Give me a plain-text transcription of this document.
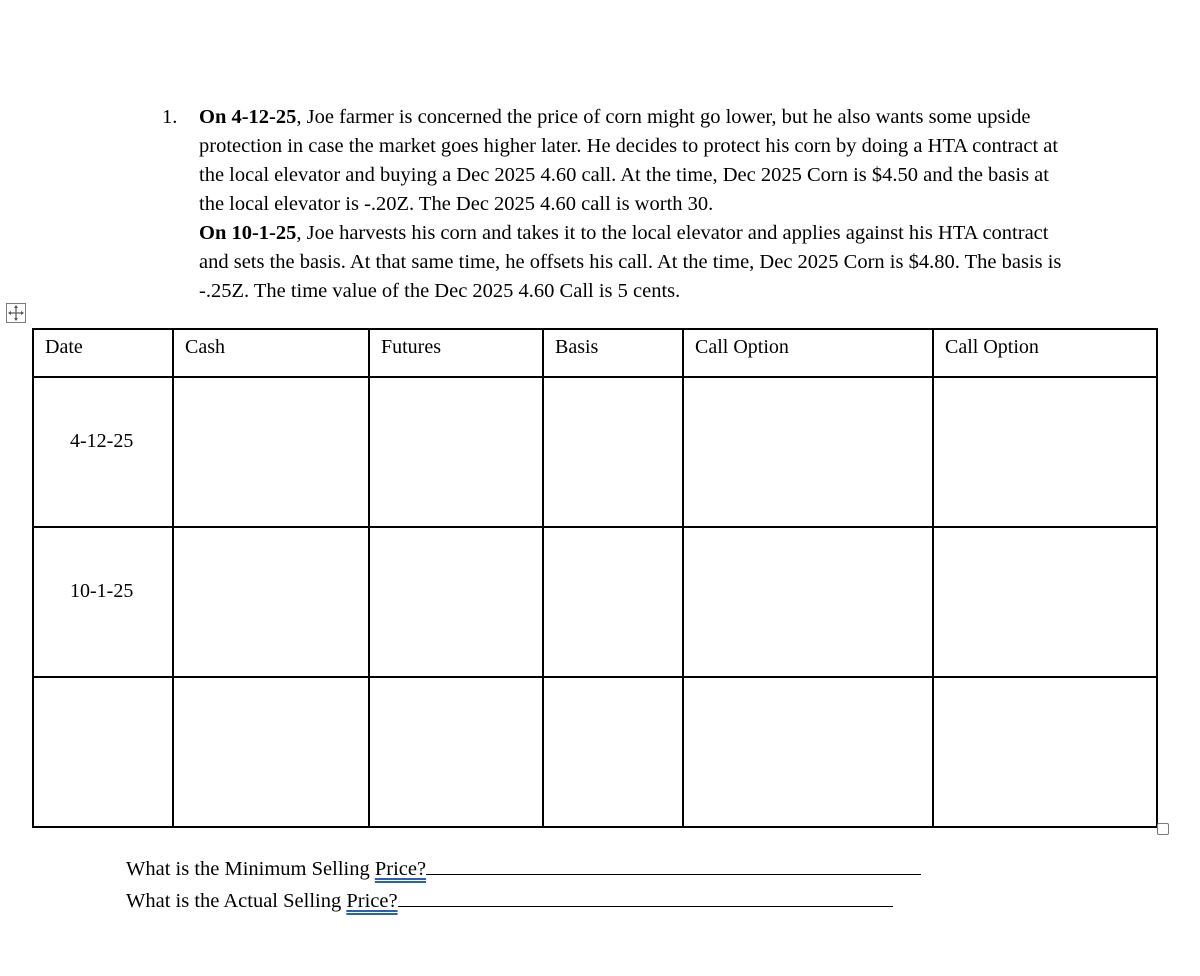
1. On 4-12-25, Joe farmer is concerned the price of corn might go lower, but he also wants some upside protection in case the market goes higher later. He decides to protect his corn by doing a HTA contract at the local elevator and buying a Dec 2025 4.60 call. At the time, Dec 2025 Corn is $4.50 and the basis at the local elevator is -.20Z. The Dec 2025 4.60 call is worth 30.

On 10-1-25, Joe harvests his corn and takes it to the local elevator and applies against his HTA contract and sets the basis. At that same time, he offsets his call. At the time, Dec 2025 Corn is $4.80. The basis is -.25Z. The time value of the Dec 2025 4.60 Call is 5 cents.

Date	Cash	Futures	Basis	Call Option	Call Option
4-12-25					
10-1-25					

What is the Minimum Selling Price?
What is the Actual Selling Price?
